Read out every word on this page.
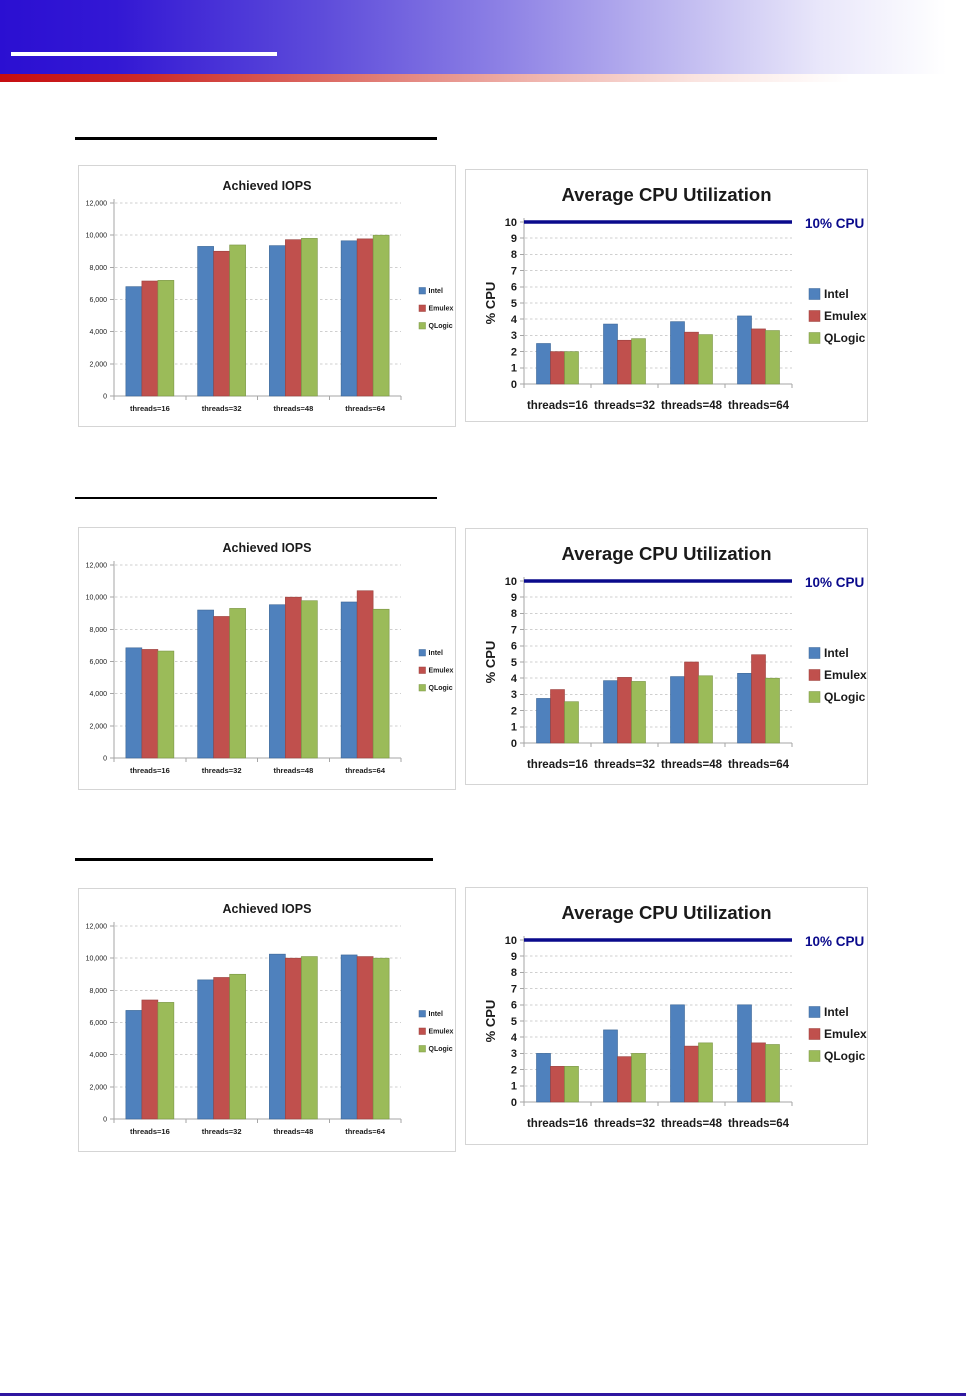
0
2,000
4,000
6,000
8,000
10,000
12,000
threads=16	threads=32	threads=48	threads=64
Achieved IOPS
Intel
Emulex
QLogic
0
1
2
3
4
5
6
7
8
9
10
threads=16 threads=32 threads=48 threads=64
10% CPU
% CPU
Average CPU Utilization
Intel
Emulex
QLogic
0
2,000
4,000
6,000
8,000
10,000
12,000
threads=16	threads=32	threads=48	threads=64
Achieved IOPS
Intel
Emulex
QLogic
0
1
2
3
4
5
6
7
8
9
10
threads=16 threads=32 threads=48 threads=64
10% CPU
% CPU
Average CPU Utilization
Intel
Emulex
QLogic
0
2,000
4,000
6,000
8,000
10,000
12,000
threads=16	threads=32	threads=48	threads=64
Achieved IOPS
Intel
Emulex
QLogic
0
1
2
3
4
5
6
7
8
9
10
threads=16 threads=32 threads=48 threads=64
10% CPU
% CPU
Average CPU Utilization
Intel
Emulex
QLogic
